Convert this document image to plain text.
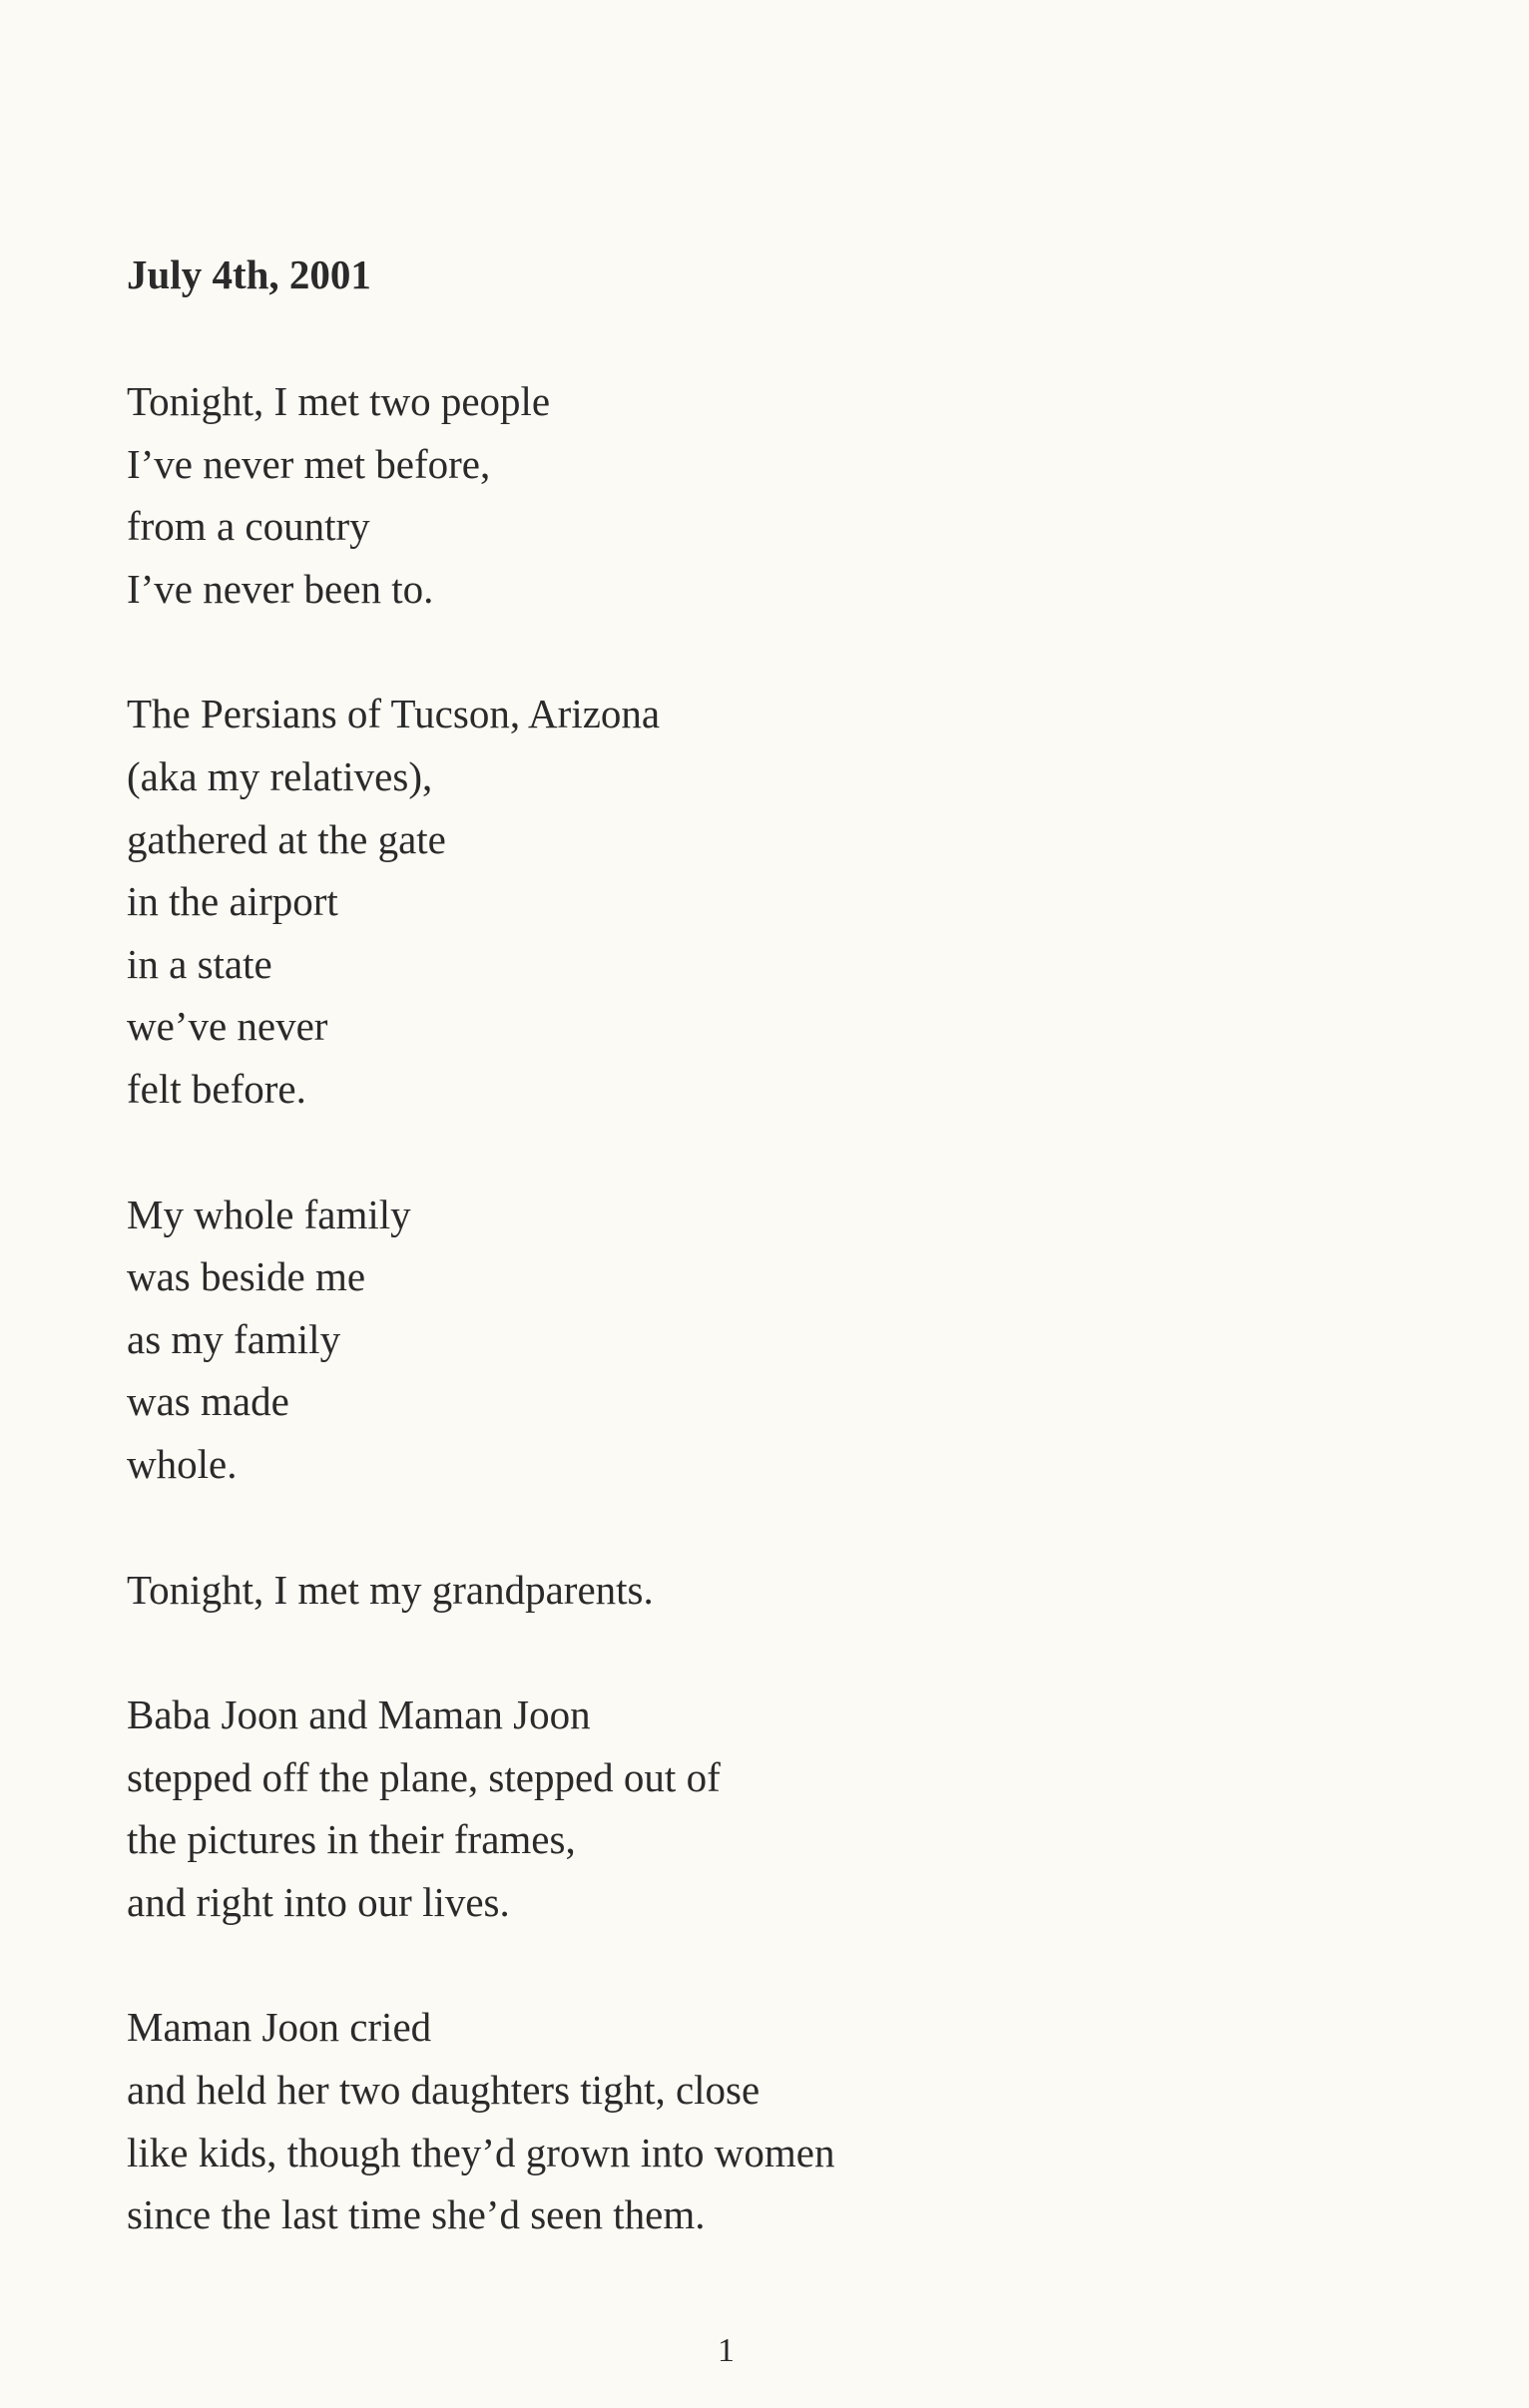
July 4th, 2001
Tonight, I met two people
I’ve never met before,
from a country
I’ve never been to.
The Persians of Tucson, Arizona
(aka my relatives),
gathered at the gate
in the airport
in a state
we’ve never
felt before.
My whole family
was beside me
as my family
was made
whole.
Tonight, I met my grandparents.
Baba Joon and Maman Joon
stepped off the plane, stepped out of
the pictures in their frames,
and right into our lives.
Maman Joon cried
and held her two daughters tight, close
like kids, though they’d grown into women
since the last time she’d seen them.
1
